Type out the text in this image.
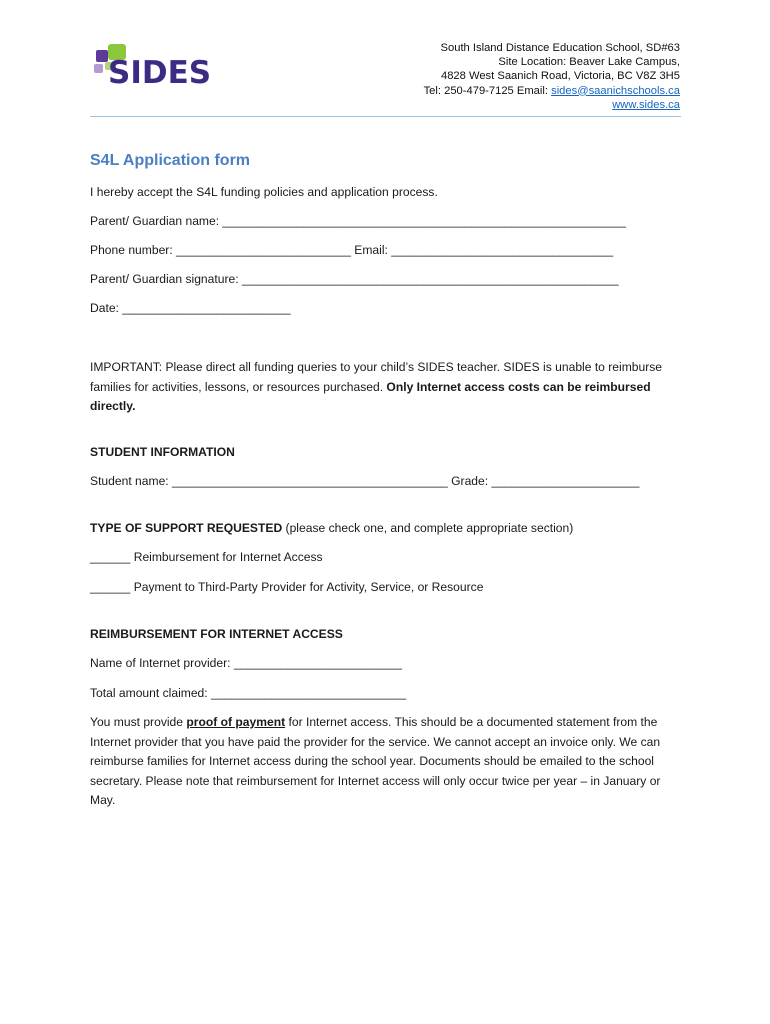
SIDES
South Island Distance Education School, SD#63
Site Location: Beaver Lake Campus,
4828 West Saanich Road, Victoria, BC V8Z 3H5
Tel: 250-479-7125 Email: sides@saanichschools.ca
www.sides.ca
S4L Application form
I hereby accept the S4L funding policies and application process.
Parent/ Guardian name: ____________________________________________________________
Phone number: __________________________ Email: _________________________________
Parent/ Guardian signature: ________________________________________________________
Date: _________________________
IMPORTANT: Please direct all funding queries to your child’s SIDES teacher. SIDES is unable to reimburse families for activities, lessons, or resources purchased. Only Internet access costs can be reimbursed directly.
STUDENT INFORMATION
Student name: _________________________________________ Grade: ______________________
TYPE OF SUPPORT REQUESTED (please check one, and complete appropriate section)
______ Reimbursement for Internet Access
______ Payment to Third-Party Provider for Activity, Service, or Resource
REIMBURSEMENT FOR INTERNET ACCESS
Name of Internet provider: _________________________
Total amount claimed: _____________________________
You must provide proof of payment for Internet access. This should be a documented statement from the Internet provider that you have paid the provider for the service. We cannot accept an invoice only. We can reimburse families for Internet access during the school year. Documents should be emailed to the school secretary. Please note that reimbursement for Internet access will only occur twice per year – in January or May.
